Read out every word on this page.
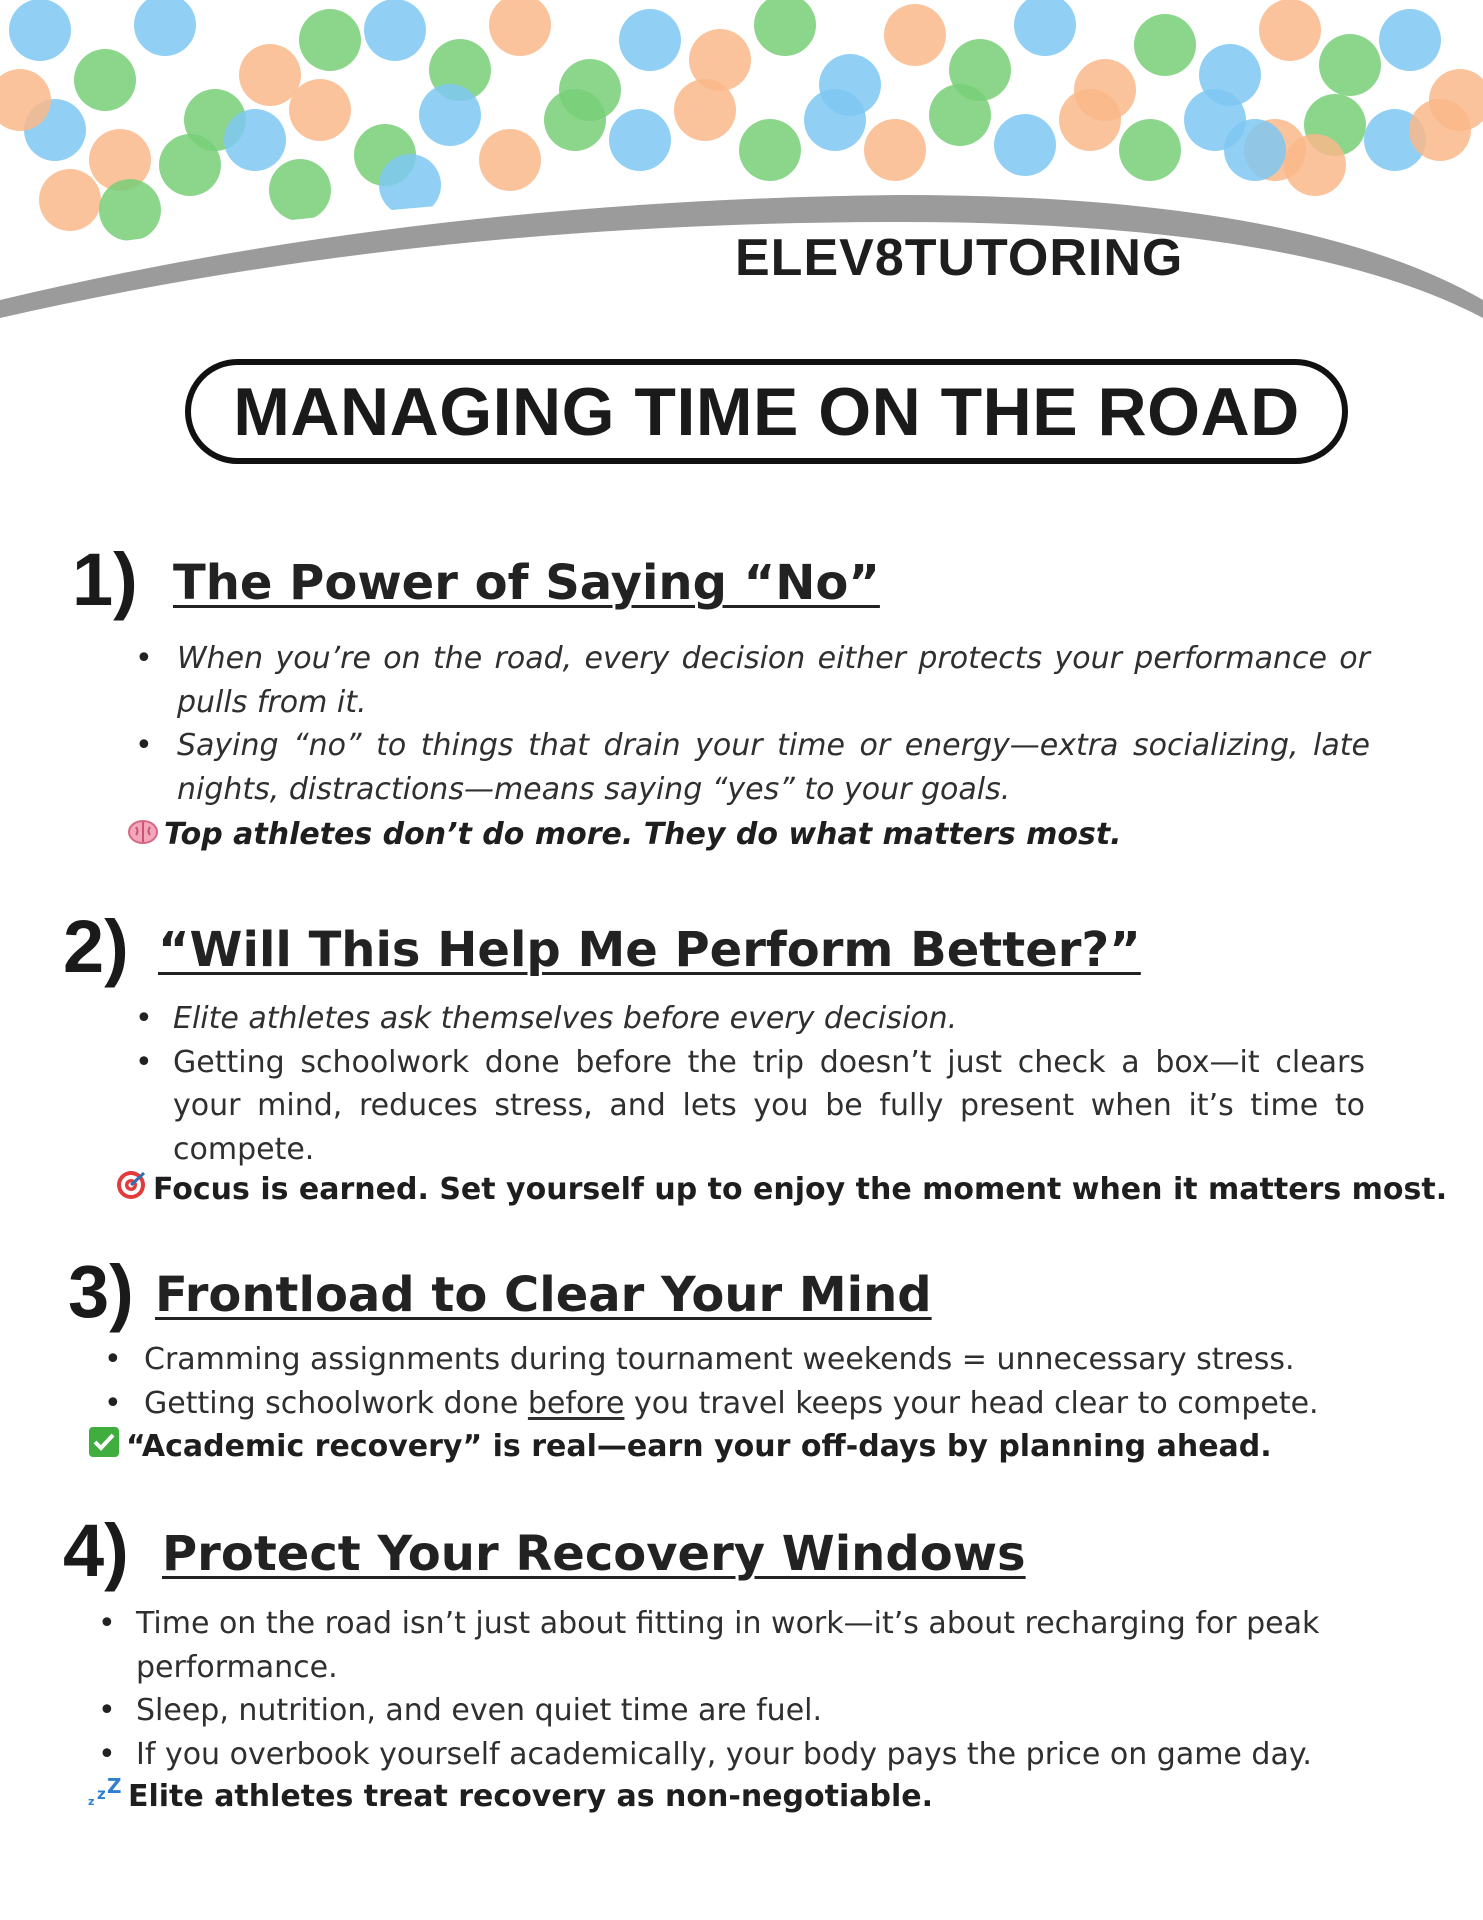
ELEV8TUTORING
MANAGING TIME ON THE ROAD
1) The Power of Saying “No”
• When you’re on the road, every decision either protects your performance or pulls from it.
• Saying “no” to things that drain your time or energy—extra socializing, late nights, distractions—means saying “yes” to your goals.
Top athletes don’t do more. They do what matters most.
2) “Will This Help Me Perform Better?”
• Elite athletes ask themselves before every decision.
• Getting schoolwork done before the trip doesn’t just check a box—it clears your mind, reduces stress, and lets you be fully present when it’s time to compete.
Focus is earned. Set yourself up to enjoy the moment when it matters most.
3) Frontload to Clear Your Mind
• Cramming assignments during tournament weekends = unnecessary stress.
• Getting schoolwork done before you travel keeps your head clear to compete.
“Academic recovery” is real—earn your off-days by planning ahead.
4) Protect Your Recovery Windows
• Time on the road isn’t just about fitting in work—it’s about recharging for peak performance.
• Sleep, nutrition, and even quiet time are fuel.
• If you overbook yourself academically, your body pays the price on game day.
z z Z Elite athletes treat recovery as non-negotiable.
